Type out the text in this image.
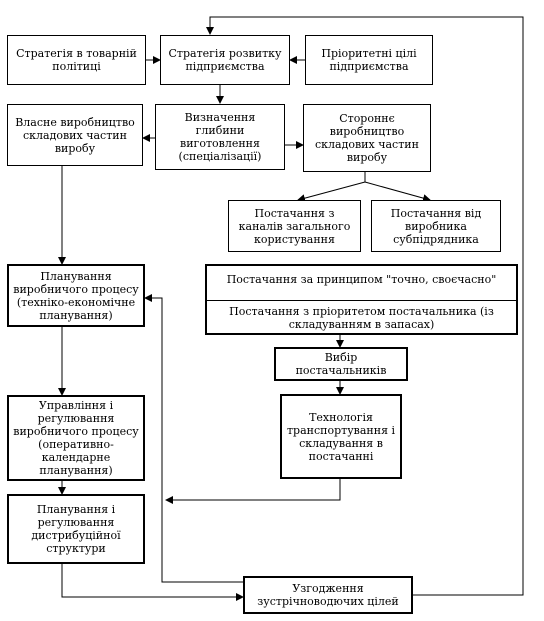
Стратегія в товарній політиці
Стратегія розвитку підприємства
Пріоритетні цілі підприємства
Власне виробництво складових частин виробу
Визначення глибини виготовлення (спеціалізації)
Стороннє виробництво складових частин виробу
Постачання з каналів загального користування
Постачання від виробника субпідрядника
Постачання за принципом "точно, своєчасно"
Постачання з пріоритетом постачальника (із складуванням в запасах)
Вибір постачальників
Технологія транспортування і складування в постачанні
Планування виробничого процесу (техніко-економічне планування)
Управління і регулювання виробничого процесу (оперативно-календарне планування)
Планування і регулювання дистрибуційної структури
Узгодження зустрічноводючих цілей
